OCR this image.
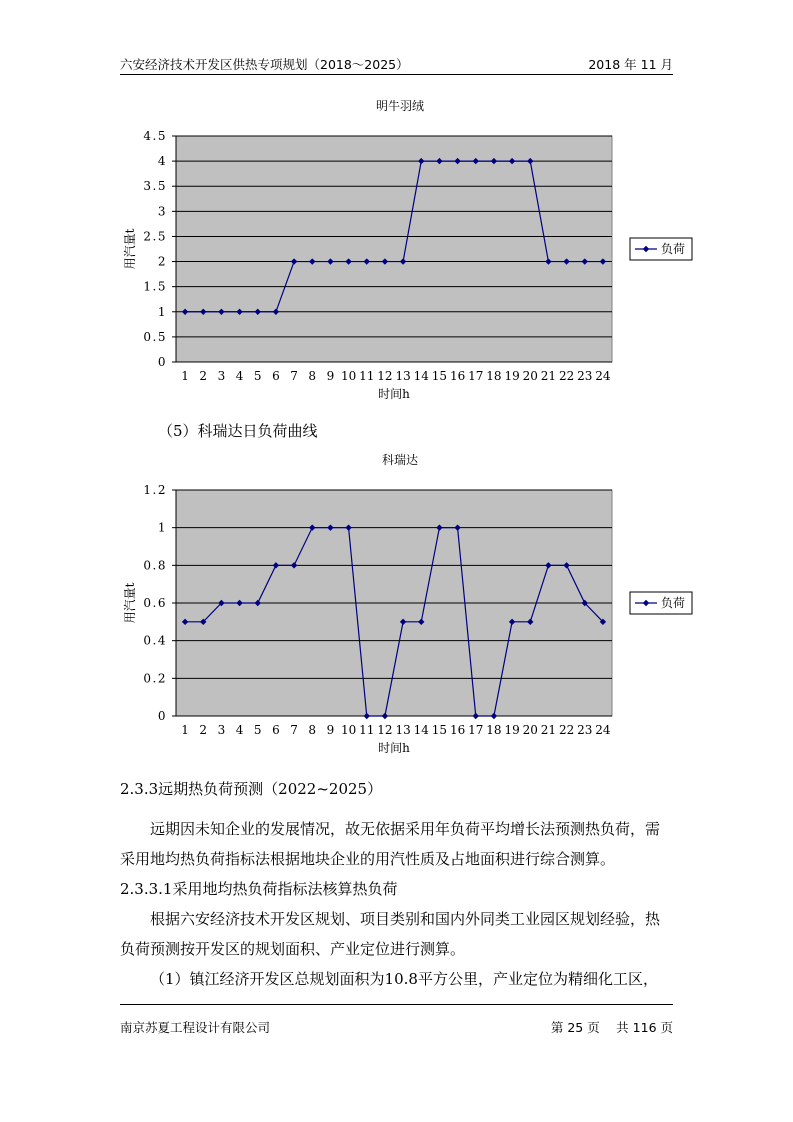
六安经济技术开发区供热专项规划（2018～2025）	2018 年 11 月
明牛羽绒
0
0.5
1
1.5
2
2.5
3
3.5
4
4.5
1 2 3 4 5 6 7 8 9 10 11 12 13 14 15 16 17 18 19 20 21 22 23 24
时间h
用汽量t	负荷
（5）科瑞达日负荷曲线
科瑞达
0
0.2
0.4
0.6
0.8
1
1.2
1 2 3 4 5 6 7 8 9 10 11 12 13 14 15 16 17 18 19 20 21 22 23 24
时间h
用汽量t	负荷
2.3.3远期热负荷预测（2022~2025）
远期因未知企业的发展情况，故无依据采用年负荷平均增长法预测热负荷，需采用地均热负荷指标法根据地块企业的用汽性质及占地面积进行综合测算。
2.3.3.1采用地均热负荷指标法核算热负荷
根据六安经济技术开发区规划、项目类别和国内外同类工业园区规划经验，热负荷预测按开发区的规划面积、产业定位进行测算。
（1）镇江经济开发区总规划面积为10.8平方公里，产业定位为精细化工区，
南京苏夏工程设计有限公司	第 25 页　 共 116 页
